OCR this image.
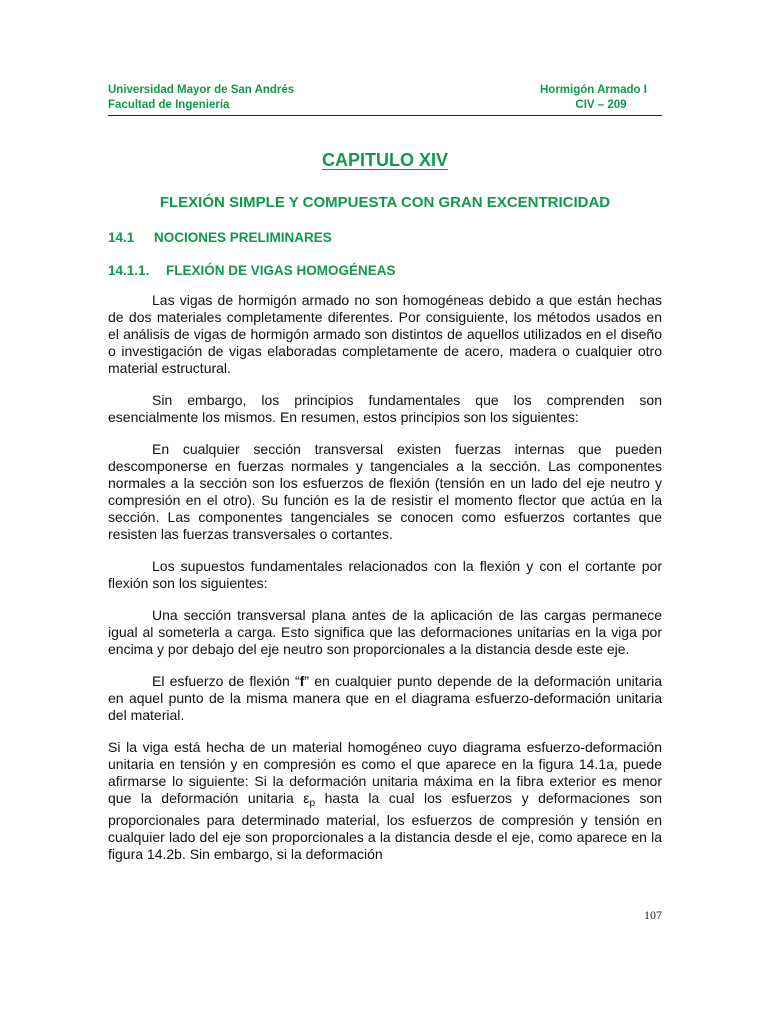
Universidad Mayor de San Andrés	Hormigón Armado I
Facultad de Ingeniería	CIV – 209
CAPITULO XIV
FLEXIÓN SIMPLE Y COMPUESTA CON GRAN EXCENTRICIDAD
14.1 NOCIONES PRELIMINARES
14.1.1. FLEXIÓN DE VIGAS HOMOGÉNEAS

Las vigas de hormigón armado no son homogéneas debido a que están hechas de dos materiales completamente diferentes. Por consiguiente, los métodos usados en el análisis de vigas de hormigón armado son distintos de aquellos utilizados en el diseño o investigación de vigas elaboradas completamente de acero, madera o cualquier otro material estructural.

Sin embargo, los principios fundamentales que los comprenden son esencialmente los mismos. En resumen, estos principios son los siguientes:

En cualquier sección transversal existen fuerzas internas que pueden descomponerse en fuerzas normales y tangenciales a la sección. Las componentes normales a la sección son los esfuerzos de flexión (tensión en un lado del eje neutro y compresión en el otro). Su función es la de resistir el momento flector que actúa en la sección. Las componentes tangenciales se conocen como esfuerzos cortantes que resisten las fuerzas transversales o cortantes.

Los supuestos fundamentales relacionados con la flexión y con el cortante por flexión son los siguientes:

Una sección transversal plana antes de la aplicación de las cargas permanece igual al someterla a carga. Esto significa que las deformaciones unitarias en la viga por encima y por debajo del eje neutro son proporcionales a la distancia desde este eje.

El esfuerzo de flexión “f” en cualquier punto depende de la deformación unitaria en aquel punto de la misma manera que en el diagrama esfuerzo-deformación unitaria del material.

Si la viga está hecha de un material homogéneo cuyo diagrama esfuerzo-deformación unitaria en tensión y en compresión es como el que aparece en la figura 14.1a, puede afirmarse lo siguiente: Si la deformación unitaria máxima en la fibra exterior es menor que la deformación unitaria $\varepsilon_p$ hasta la cual los esfuerzos y deformaciones son proporcionales para determinado material, los esfuerzos de compresión y tensión en cualquier lado del eje son proporcionales a la distancia desde el eje, como aparece en la figura 14.2b. Sin embargo, si la deformación

107
